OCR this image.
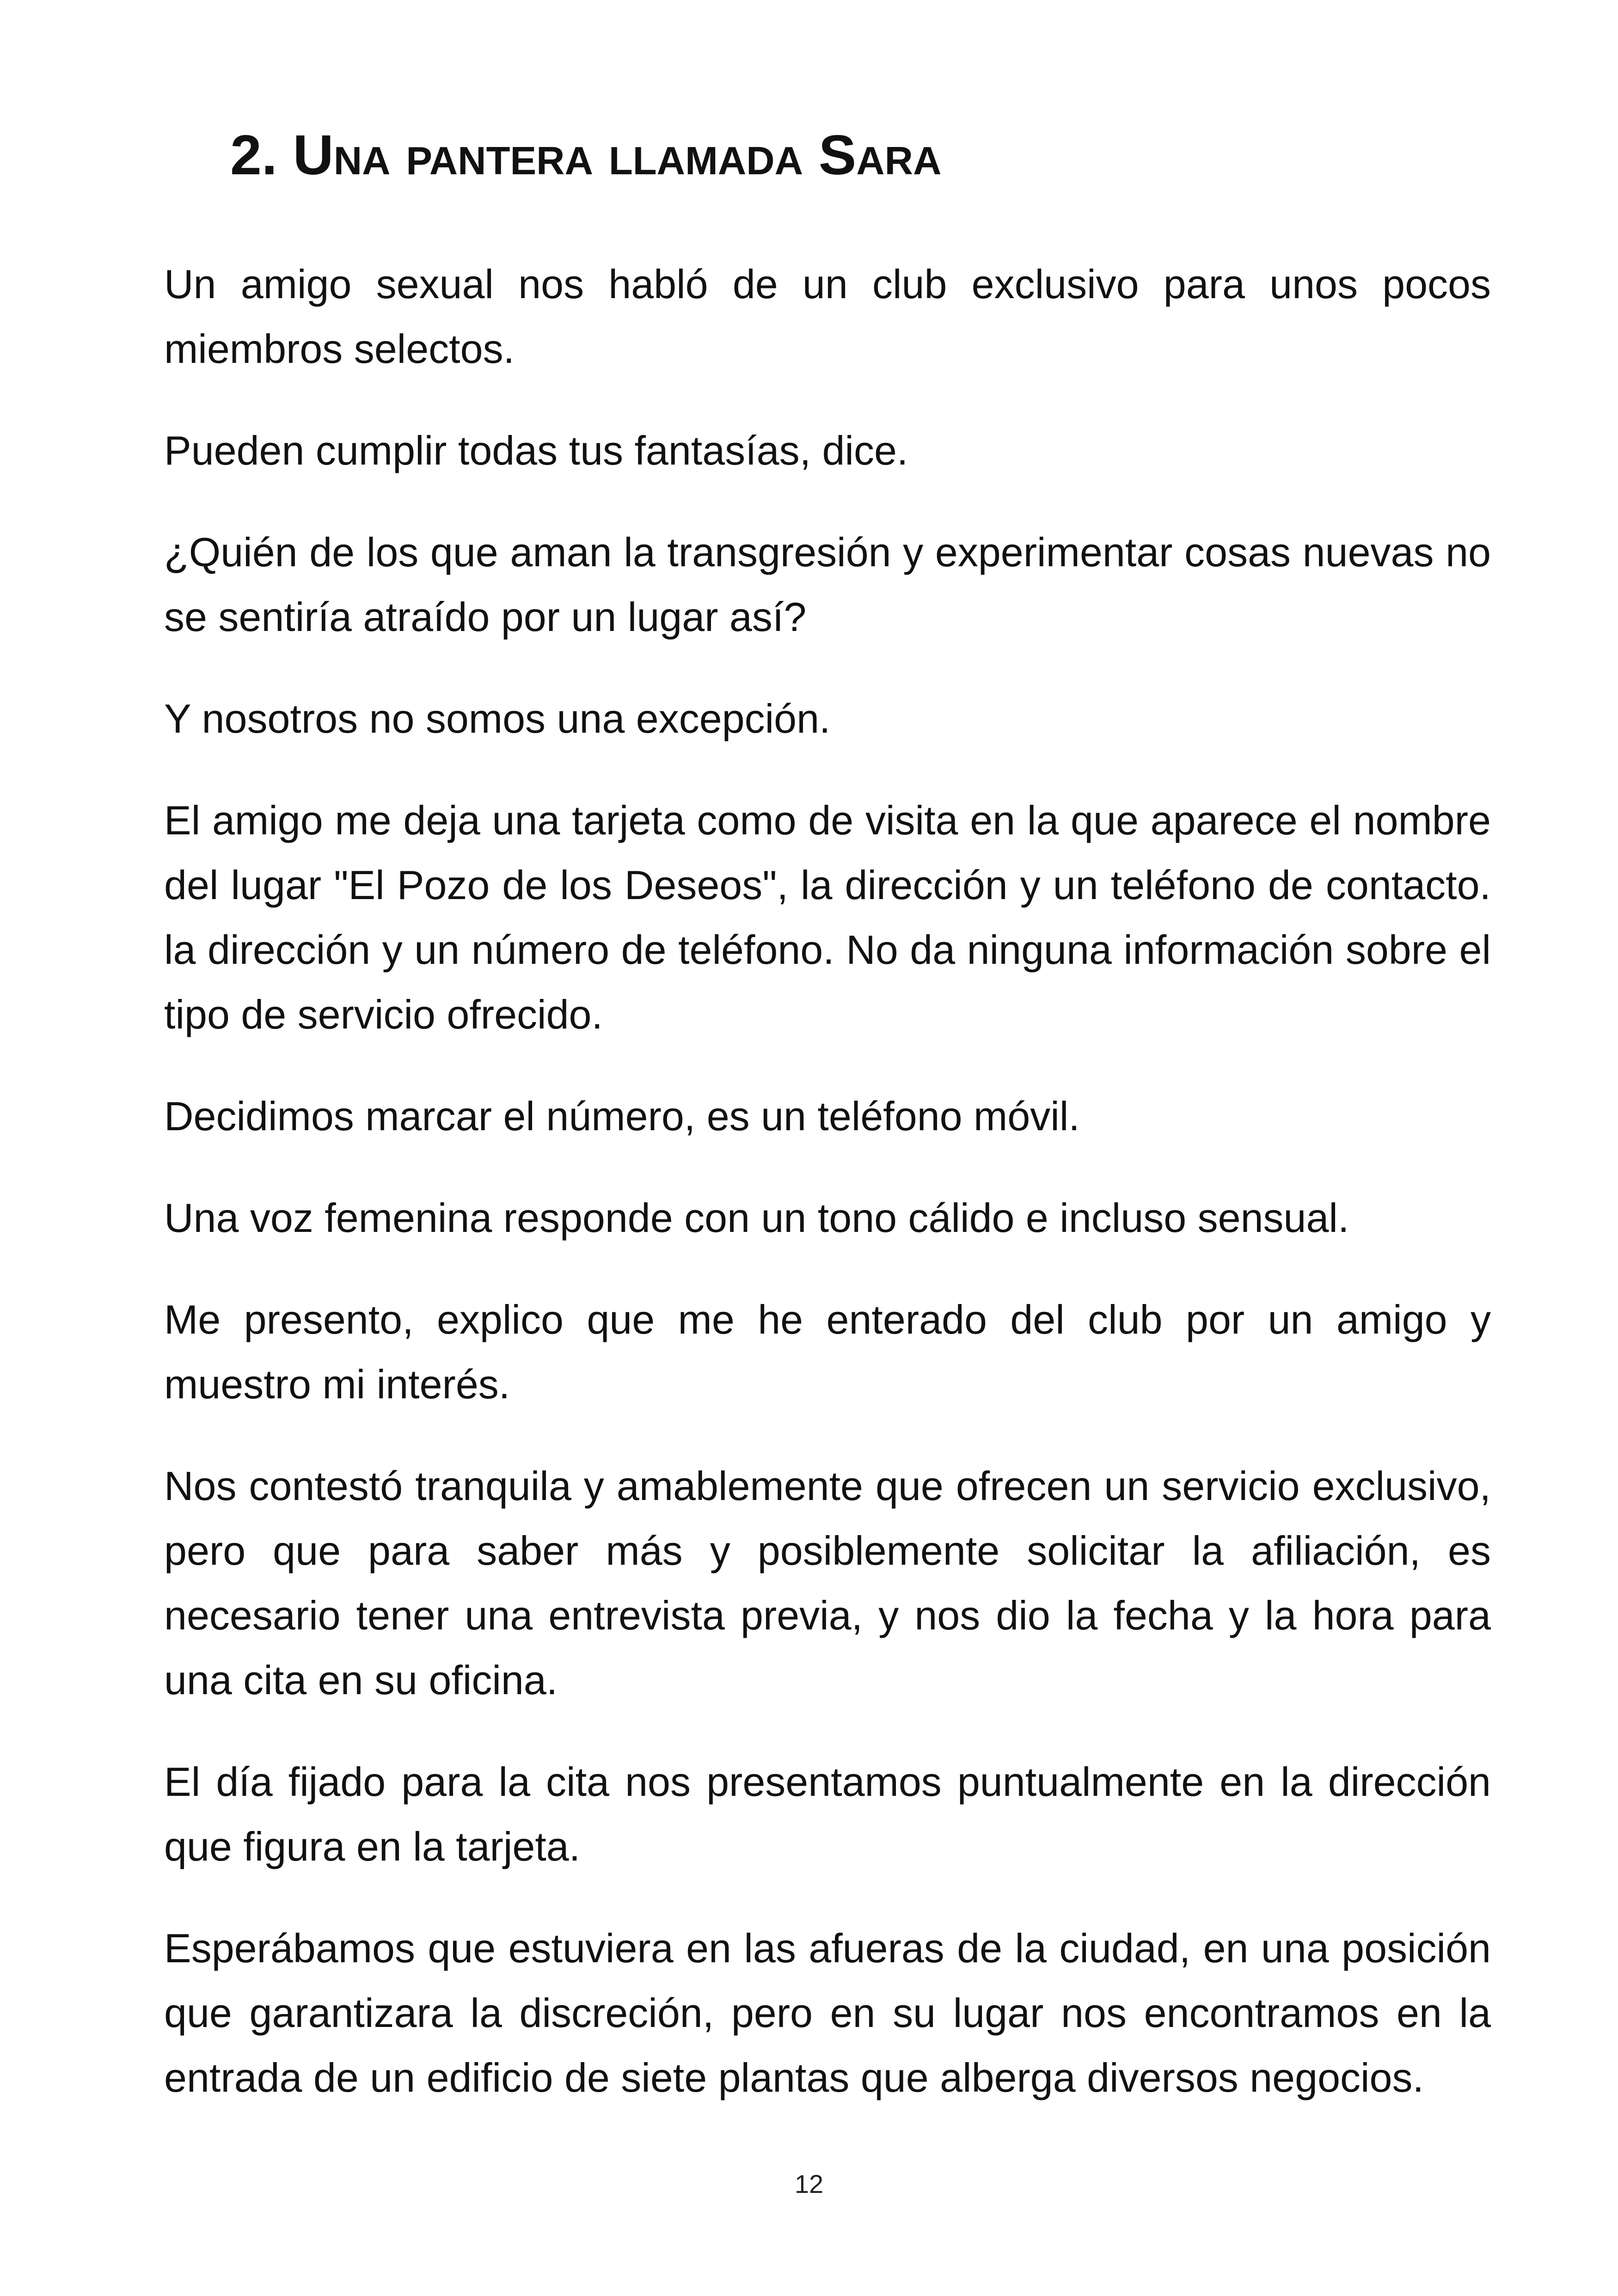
2. Una pantera llamada Sara

Un amigo sexual nos habló de un club exclusivo para unos pocos miembros selectos.

Pueden cumplir todas tus fantasías, dice.

¿Quién de los que aman la transgresión y experimentar cosas nuevas no se sentiría atraído por un lugar así?

Y nosotros no somos una excepción.

El amigo me deja una tarjeta como de visita en la que aparece el nombre del lugar "El Pozo de los Deseos", la dirección y un teléfono de contacto. la dirección y un número de teléfono. No da ninguna información sobre el tipo de servicio ofrecido.

Decidimos marcar el número, es un teléfono móvil.

Una voz femenina responde con un tono cálido e incluso sensual.

Me presento, explico que me he enterado del club por un amigo y muestro mi interés.

Nos contestó tranquila y amablemente que ofrecen un servicio exclusivo, pero que para saber más y posiblemente solicitar la afiliación, es necesario tener una entrevista previa, y nos dio la fecha y la hora para una cita en su oficina.

El día fijado para la cita nos presentamos puntualmente en la dirección que figura en la tarjeta.

Esperábamos que estuviera en las afueras de la ciudad, en una posición que garantizara la discreción, pero en su lugar nos encontramos en la entrada de un edificio de siete plantas que alberga diversos negocios.

12
